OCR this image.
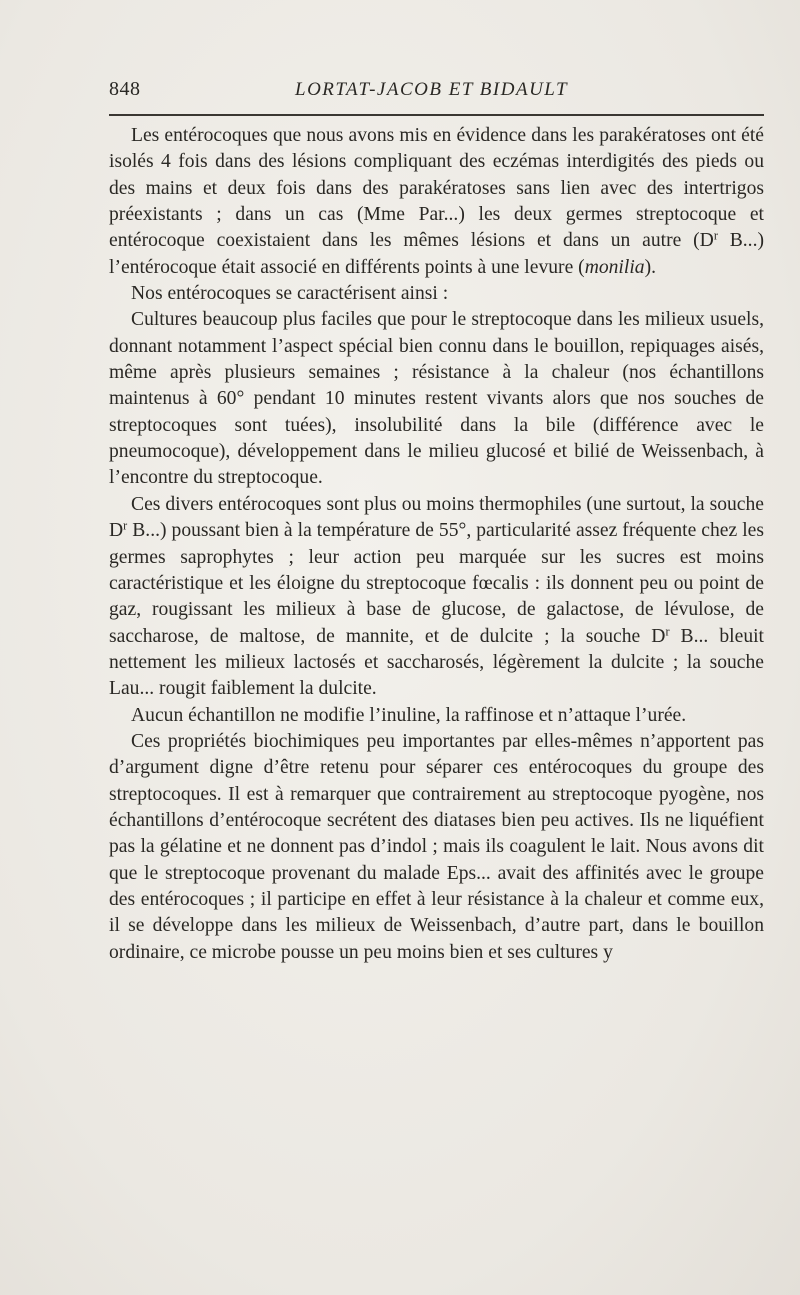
848	LORTAT-JACOB ET BIDAULT

Les entérocoques que nous avons mis en évidence dans les parakératoses ont été isolés 4 fois dans des lésions compliquant des eczémas interdigités des pieds ou des mains et deux fois dans des parakératoses sans lien avec des intertrigos préexistants ; dans un cas (Mme Par...) les deux germes streptocoque et entérocoque coexistaient dans les mêmes lésions et dans un autre ($D^r$ B...) l’entérocoque était associé en différents points à une levure (monilia).

Nos entérocoques se caractérisent ainsi :

Cultures beaucoup plus faciles que pour le streptocoque dans les milieux usuels, donnant notamment l’aspect spécial bien connu dans le bouillon, repiquages aisés, même après plusieurs semaines ; résistance à la chaleur (nos échantillons maintenus à 60° pendant 10 minutes restent vivants alors que nos souches de streptocoques sont tuées), insolubilité dans la bile (différence avec le pneumocoque), développement dans le milieu glucosé et bilié de Weissenbach, à l’encontre du streptocoque.

Ces divers entérocoques sont plus ou moins thermophiles (une surtout, la souche $D^r$ B...) poussant bien à la température de 55°, particularité assez fréquente chez les germes saprophytes ; leur action peu marquée sur les sucres est moins caractéristique et les éloigne du streptocoque fœcalis : ils donnent peu ou point de gaz, rougissant les milieux à base de glucose, de galactose, de lévulose, de saccharose, de maltose, de mannite, et de dulcite ; la souche $D^r$ B... bleuit nettement les milieux lactosés et saccharosés, légèrement la dulcite ; la souche Lau... rougit faiblement la dulcite.

Aucun échantillon ne modifie l’inuline, la raffinose et n’attaque l’urée.

Ces propriétés biochimiques peu importantes par elles-mêmes n’apportent pas d’argument digne d’être retenu pour séparer ces entérocoques du groupe des streptocoques. Il est à remarquer que contrairement au streptocoque pyogène, nos échantillons d’entérocoque secrétent des diatases bien peu actives. Ils ne liquéfient pas la gélatine et ne donnent pas d’indol ; mais ils coagulent le lait. Nous avons dit que le streptocoque provenant du malade Eps... avait des affinités avec le groupe des entérocoques ; il participe en effet à leur résistance à la chaleur et comme eux, il se développe dans les milieux de Weissenbach, d’autre part, dans le bouillon ordinaire, ce microbe pousse un peu moins bien et ses cultures y
